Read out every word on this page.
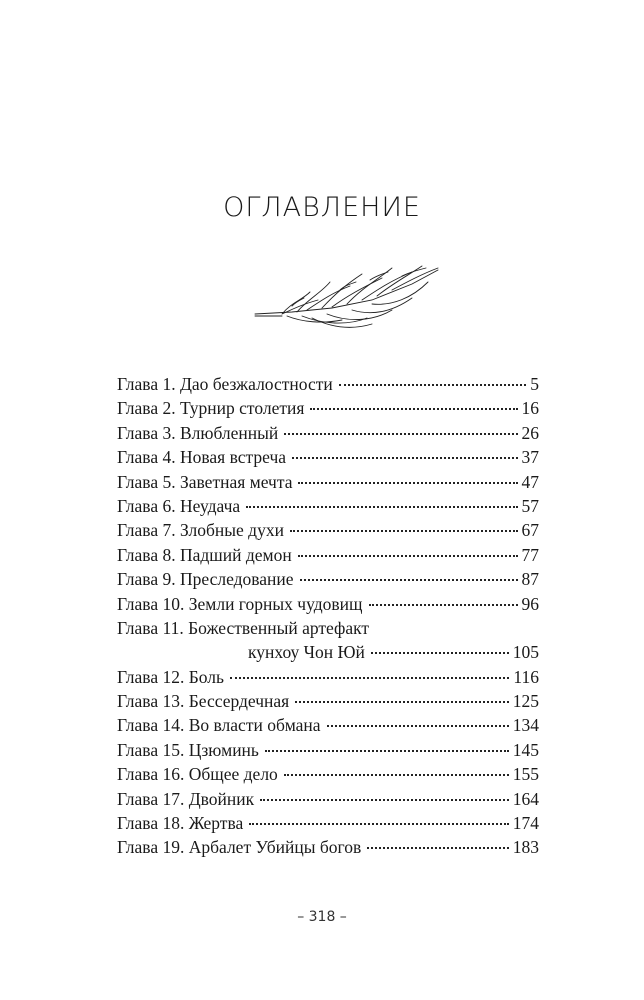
ОГЛАВЛЕНИЕ
Глава 1. Дао безжалостности	5
Глава 2. Турнир столетия	16
Глава 3. Влюбленный	26
Глава 4. Новая встреча	37
Глава 5. Заветная мечта	47
Глава 6. Неудача	57
Глава 7. Злобные духи	67
Глава 8. Падший демон	77
Глава 9. Преследование	87
Глава 10. Земли горных чудовищ	96
Глава 11. Божественный артефакт
кунхоу Чон Юй	105
Глава 12. Боль	116
Глава 13. Бессердечная	125
Глава 14. Во власти обмана	134
Глава 15. Цзюминь	145
Глава 16. Общее дело	155
Глава 17. Двойник	164
Глава 18. Жертва	174
Глава 19. Арбалет Убийцы богов	183
– 318 –
